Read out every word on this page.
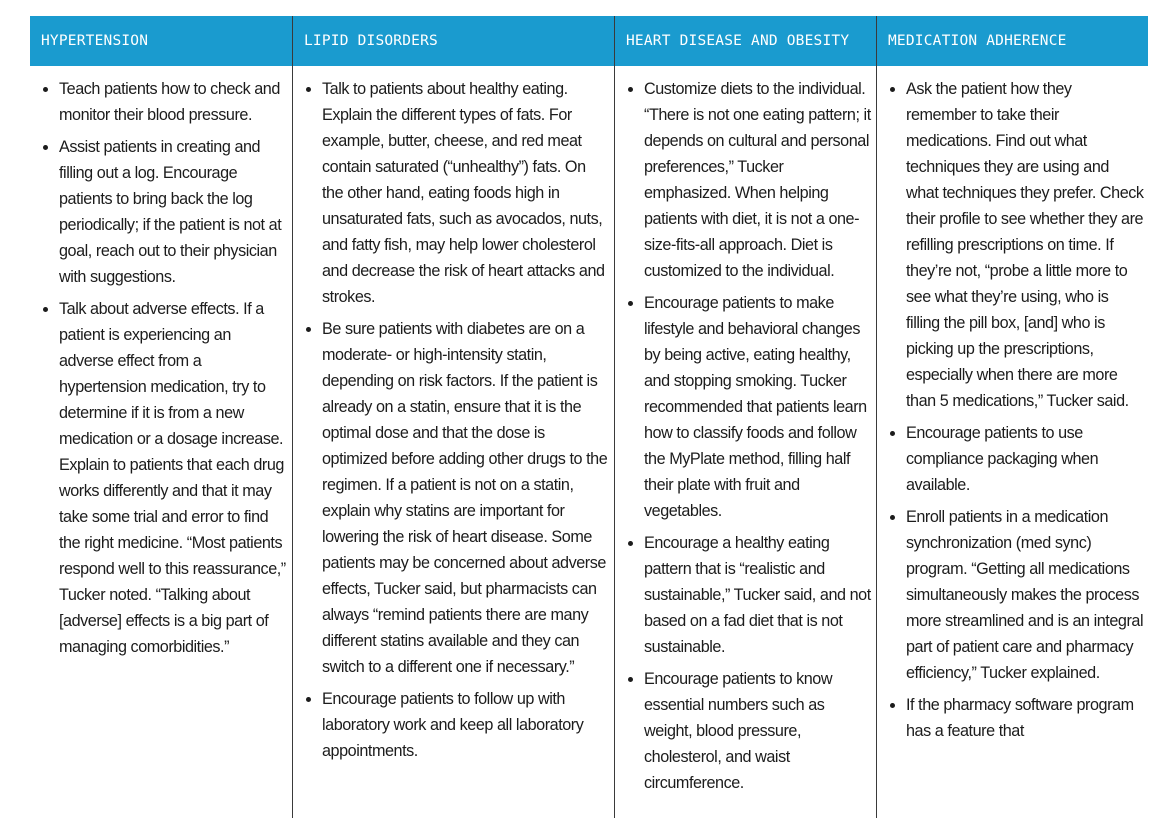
HYPERTENSION
Teach patients how to check and monitor their blood pressure.
Assist patients in creating and filling out a log. Encourage patients to bring back the log periodically; if the patient is not at goal, reach out to their physician with suggestions.
Talk about adverse effects. If a patient is experiencing an adverse effect from a hypertension medication, try to determine if it is from a new medication or a dosage increase. Explain to patients that each drug works differently and that it may take some trial and error to find the right medicine. “Most patients respond well to this reassurance,” Tucker noted. “Talking about [adverse] effects is a big part of managing comorbidities.”
LIPID DISORDERS
Talk to patients about healthy eating. Explain the different types of fats. For example, butter, cheese, and red meat contain saturated (“unhealthy”) fats. On the other hand, eating foods high in unsaturated fats, such as avocados, nuts, and fatty fish, may help lower cholesterol and decrease the risk of heart attacks and strokes.
Be sure patients with diabetes are on a moderate- or high-intensity statin, depending on risk factors. If the patient is already on a statin, ensure that it is the optimal dose and that the dose is optimized before adding other drugs to the regimen. If a patient is not on a statin, explain why statins are important for lowering the risk of heart disease. Some patients may be concerned about adverse effects, Tucker said, but pharmacists can always “remind patients there are many different statins available and they can switch to a different one if necessary.”
Encourage patients to follow up with laboratory work and keep all laboratory appointments.
HEART DISEASE AND OBESITY
Customize diets to the individual. “There is not one eating pattern; it depends on cultural and personal preferences,” Tucker emphasized. When helping patients with diet, it is not a one-size-fits-all approach. Diet is customized to the individual.
Encourage patients to make lifestyle and behavioral changes by being active, eating healthy, and stopping smoking. Tucker recommended that patients learn how to classify foods and follow the MyPlate method, filling half their plate with fruit and vegetables.
Encourage a healthy eating pattern that is “realistic and sustainable,” Tucker said, and not based on a fad diet that is not sustainable.
Encourage patients to know essential numbers such as weight, blood pressure, cholesterol, and waist circumference.
MEDICATION ADHERENCE
Ask the patient how they remember to take their medications. Find out what techniques they are using and what techniques they prefer. Check their profile to see whether they are refilling prescriptions on time. If they’re not, “probe a little more to see what they’re using, who is filling the pill box, [and] who is picking up the prescriptions, especially when there are more than 5 medications,” Tucker said.
Encourage patients to use compliance packaging when available.
Enroll patients in a medication synchronization (med sync) program. “Getting all medications simultaneously makes the process more streamlined and is an integral part of patient care and pharmacy efficiency,” Tucker explained.
If the pharmacy software program has a feature that
